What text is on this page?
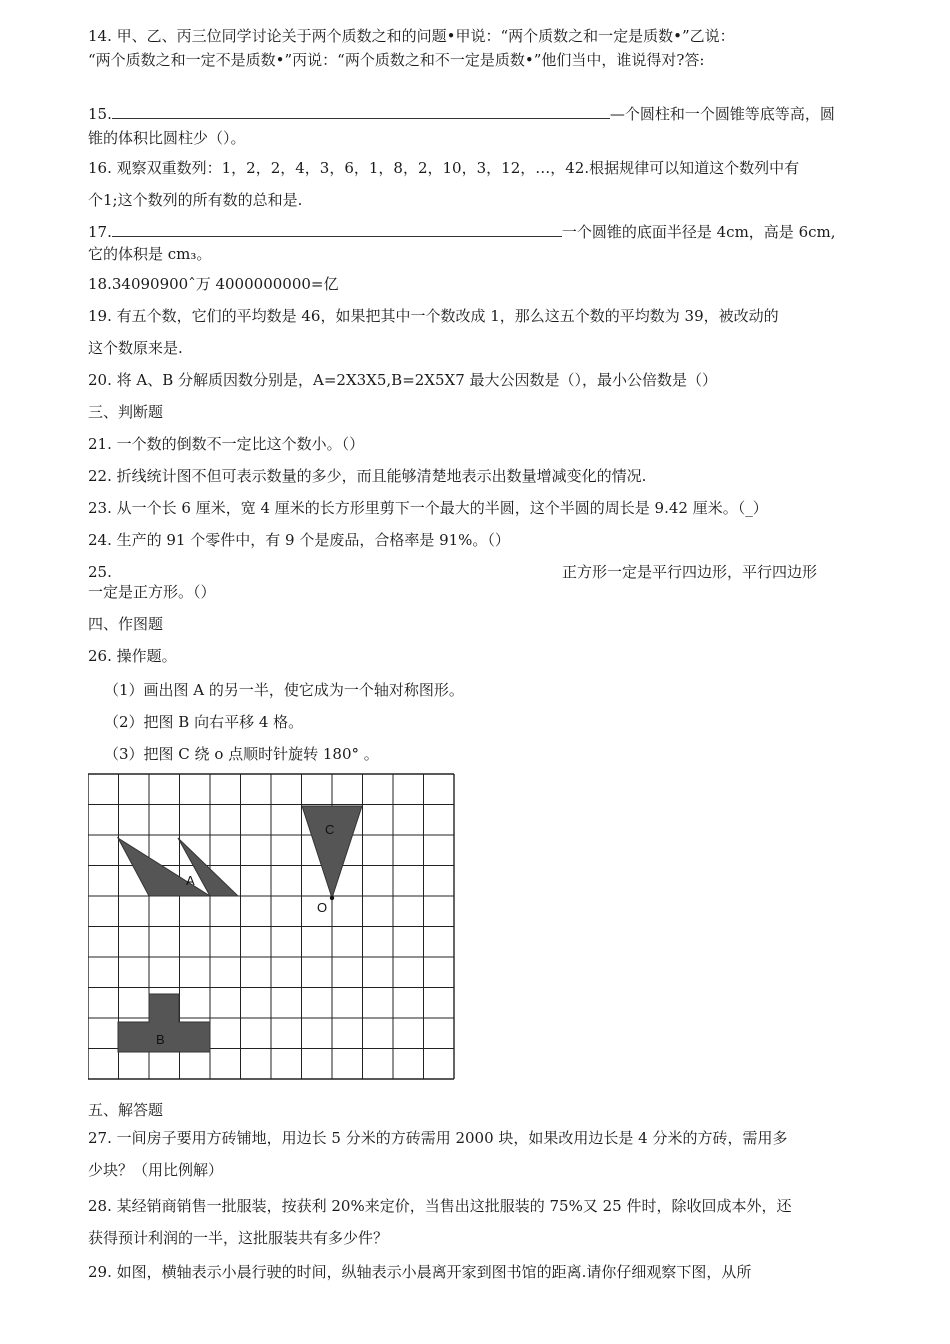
14. 甲、乙、丙三位同学讨论关于两个质数之和的问题•甲说：“两个质数之和一定是质数•”乙说：
“两个质数之和一定不是质数•”丙说：“两个质数之和不一定是质数•”他们当中，谁说得对?答:
15.	—个圆柱和一个圆锥等底等高，圆
锥的体积比圆柱少（）。
16. 观察双重数列：1，2，2，4，3，6，1，8，2，10，3，12，…，42.根据规律可以知道这个数列中有
个1;这个数列的所有数的总和是.
17.	一个圆锥的底面半径是 4cm，高是 6cm,
它的体积是 cm₃。
18.34090900ˆ万 4000000000=亿
19. 有五个数，它们的平均数是 46，如果把其中一个数改成 1，那么这五个数的平均数为 39，被改动的
这个数原来是.
20. 将 A、B 分解质因数分别是，A=2X3X5,B=2X5X7 最大公因数是（），最小公倍数是（）
三、判断题
21. 一个数的倒数不一定比这个数小。（）
22. 折线统计图不但可表示数量的多少，而且能够清楚地表示出数量增减变化的情况.
23. 从一个长 6 厘米，宽 4 厘米的长方形里剪下一个最大的半圆，这个半圆的周长是 9.42 厘米。（_）
24. 生产的 91 个零件中，有 9 个是废品，合格率是 91%。（）
25.	正方形一定是平行四边形，平行四边形
一定是正方形。（）
四、作图题
26. 操作题。
（1）画出图 A 的另一半，使它成为一个轴对称图形。
（2）把图 B 向右平移 4 格。
（3）把图 C 绕 o 点顺时针旋转 180° 。
A
C
B
O
五、解答题
27. 一间房子要用方砖铺地，用边长 5 分米的方砖需用 2000 块，如果改用边长是 4 分米的方砖，需用多
少块？（用比例解）
28. 某经销商销售一批服装，按获利 20%来定价，当售出这批服装的 75%又 25 件时，除收回成本外，还
获得预计利润的一半，这批服装共有多少件？
29. 如图，横轴表示小晨行驶的时间，纵轴表示小晨离开家到图书馆的距离.请你仔细观察下图，从所
